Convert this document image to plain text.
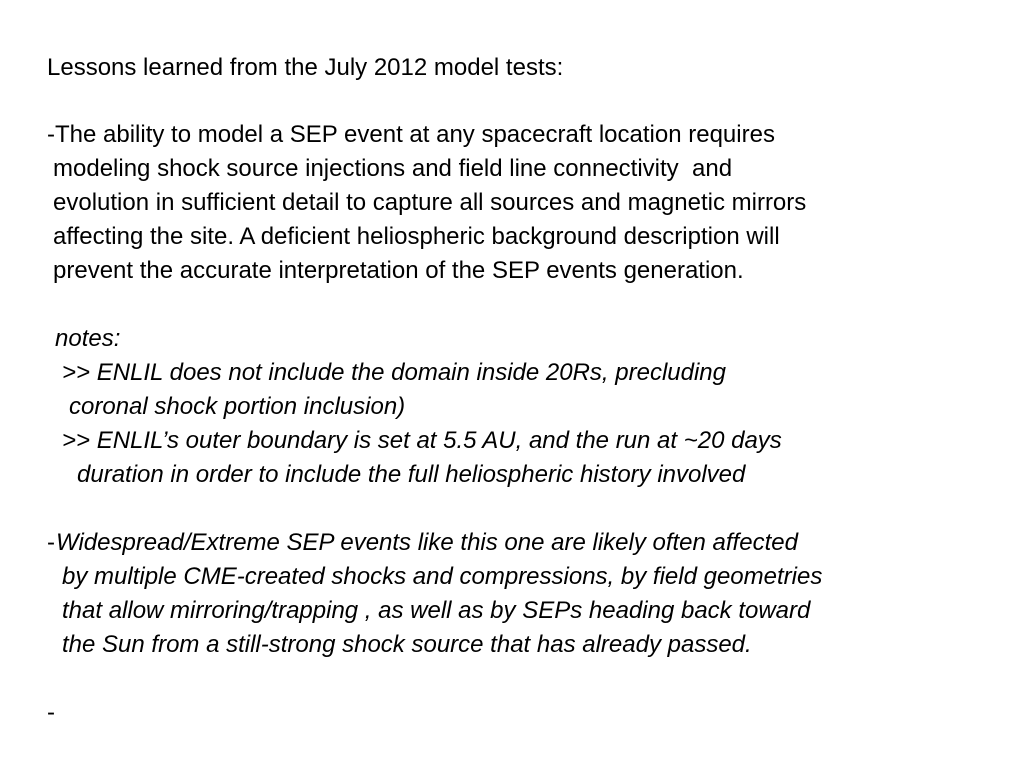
Lessons learned from the July 2012 model tests:
-The ability to model a SEP event at any spacecraft location requires
modeling shock source injections and field line connectivity  and
evolution in sufficient detail to capture all sources and magnetic mirrors
affecting the site. A deficient heliospheric background description will
prevent the accurate interpretation of the SEP events generation.
notes:
>> ENLIL does not include the domain inside 20Rs, precluding
coronal shock portion inclusion)
>> ENLIL’s outer boundary is set at 5.5 AU, and the run at ~20 days
duration in order to include the full heliospheric history involved
- Widespread/Extreme SEP events like this one are likely often affected
by multiple CME-created shocks and compressions, by field geometries
that allow mirroring/trapping , as well as by SEPs heading back toward
the Sun from a still-strong shock source that has already passed.
-
